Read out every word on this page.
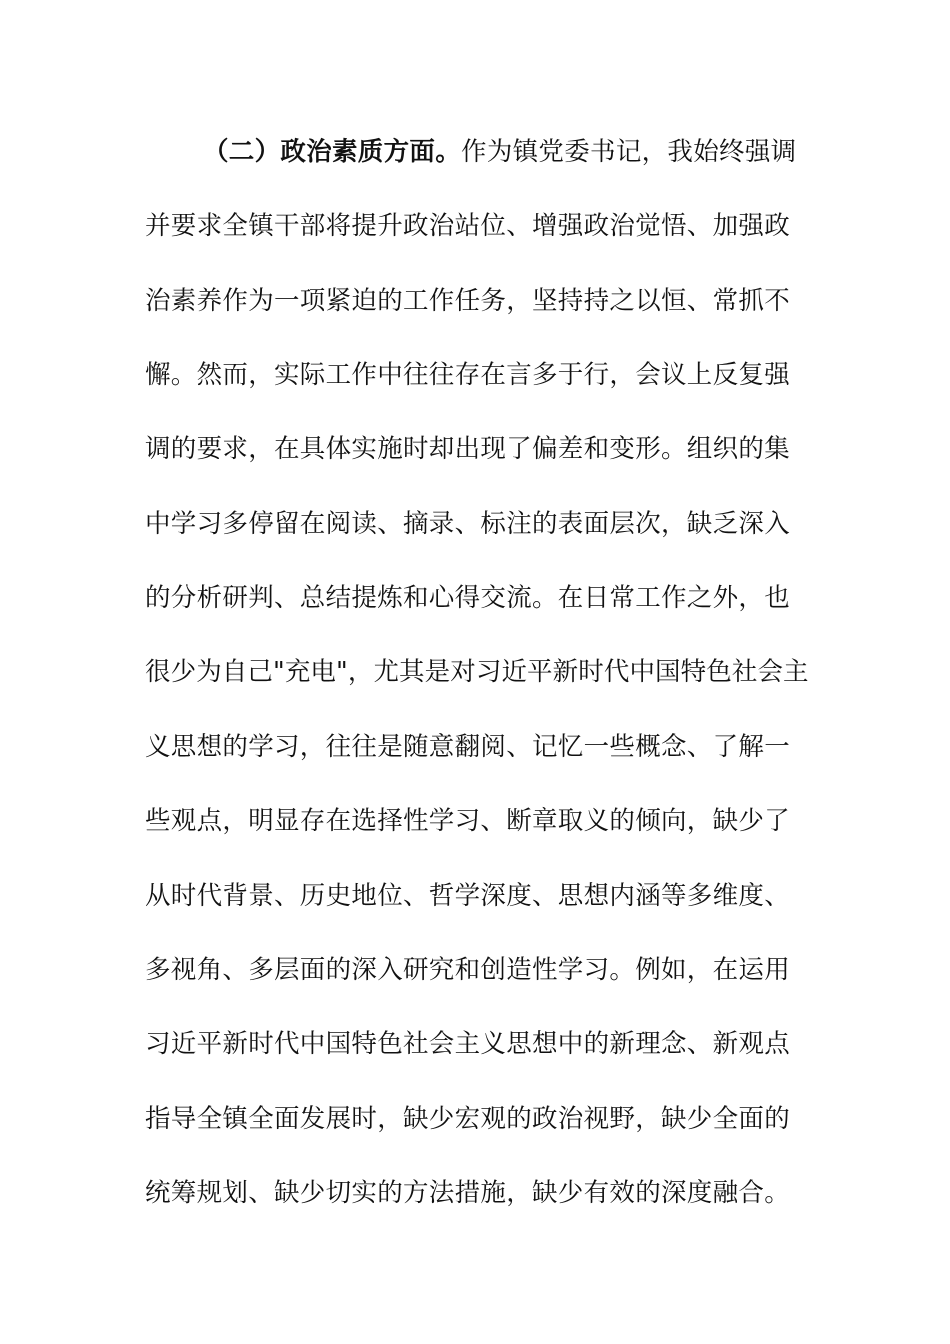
（二）政治素质方面。作为镇党委书记，我始终强调
并要求全镇干部将提升政治站位、增强政治觉悟、加强政
治素养作为一项紧迫的工作任务，坚持持之以恒、常抓不
懈。然而，实际工作中往往存在言多于行，会议上反复强
调的要求，在具体实施时却出现了偏差和变形。组织的集
中学习多停留在阅读、摘录、标注的表面层次，缺乏深入
的分析研判、总结提炼和心得交流。在日常工作之外，也
很少为自己"充电"，尤其是对习近平新时代中国特色社会主
义思想的学习，往往是随意翻阅、记忆一些概念、了解一
些观点，明显存在选择性学习、断章取义的倾向，缺少了
从时代背景、历史地位、哲学深度、思想内涵等多维度、
多视角、多层面的深入研究和创造性学习。例如，在运用
习近平新时代中国特色社会主义思想中的新理念、新观点
指导全镇全面发展时，缺少宏观的政治视野，缺少全面的
统筹规划、缺少切实的方法措施，缺少有效的深度融合。
